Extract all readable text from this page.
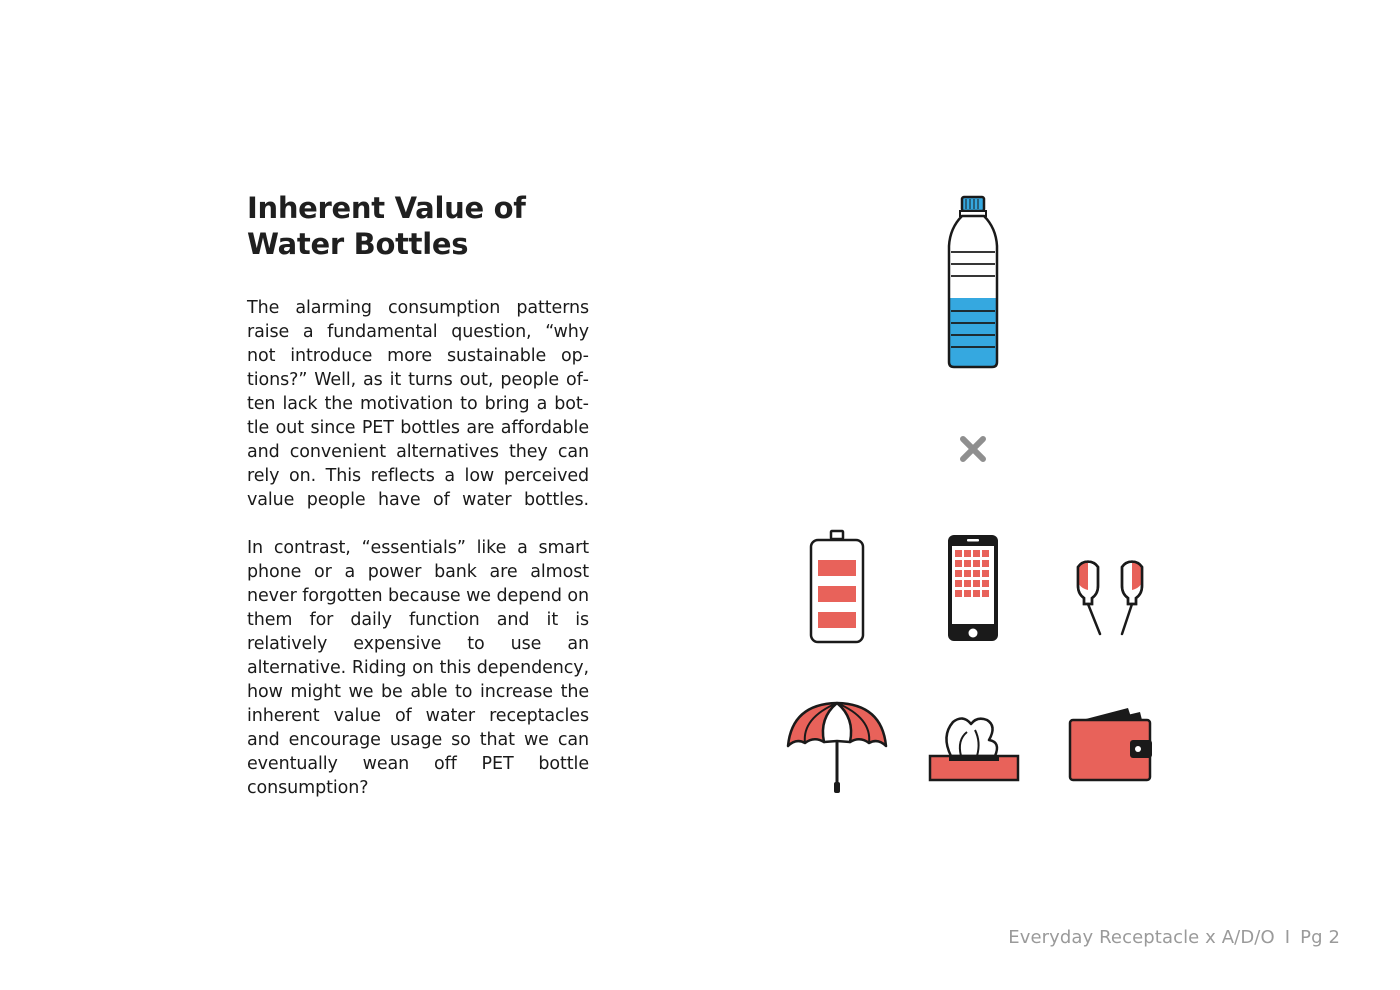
Inherent Value of Water Bottles

The alarming consumption patterns raise a fundamental question, “why not introduce more sustainable options?” Well, as it turns out, people often lack the motivation to bring a bottle out since PET bottles are affordable and convenient alternatives they can rely on. This reflects a low perceived value people have of water bottles.

In contrast, “essentials” like a smart phone or a power bank are almost never forgotten because we depend on them for daily function and it is relatively expensive to use an alternative. Riding on this dependency, how might we be able to increase the inherent value of water receptacles and encourage usage so that we can eventually wean off PET bottle consumption?

Everyday Receptacle x A/D/O I Pg 2
